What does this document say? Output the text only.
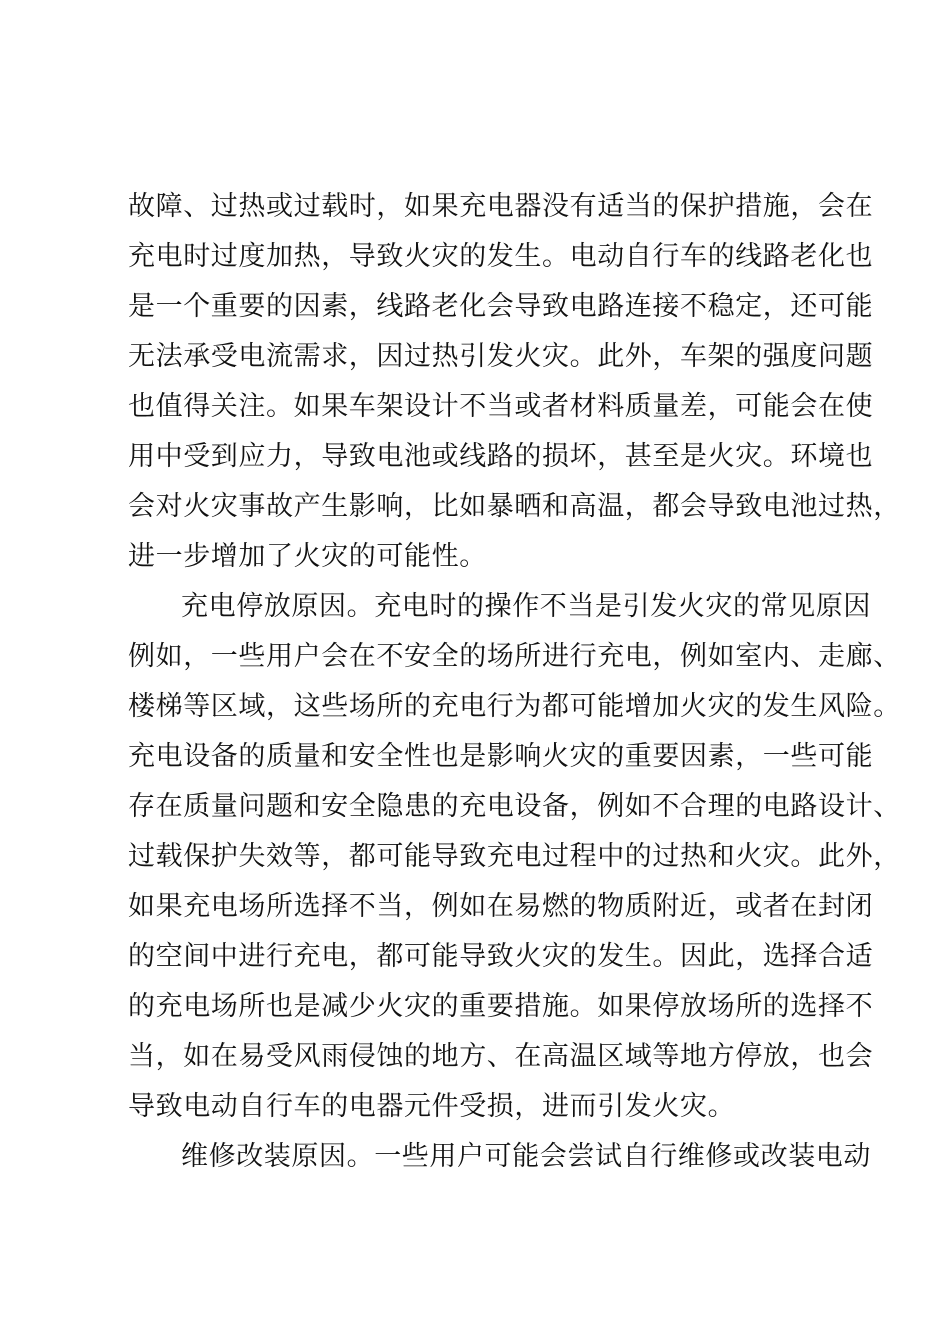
故障、过热或过载时，如果充电器没有适当的保护措施，会在
充电时过度加热，导致火灾的发生。电动自行车的线路老化也
是一个重要的因素，线路老化会导致电路连接不稳定，还可能
无法承受电流需求，因过热引发火灾。此外，车架的强度问题
也值得关注。如果车架设计不当或者材料质量差，可能会在使
用中受到应力，导致电池或线路的损坏，甚至是火灾。环境也
会对火灾事故产生影响，比如暴晒和高温，都会导致电池过热，
进一步增加了火灾的可能性。
充电停放原因。充电时的操作不当是引发火灾的常见原因
例如，一些用户会在不安全的场所进行充电，例如室内、走廊、
楼梯等区域，这些场所的充电行为都可能增加火灾的发生风险。
充电设备的质量和安全性也是影响火灾的重要因素，一些可能
存在质量问题和安全隐患的充电设备，例如不合理的电路设计、
过载保护失效等，都可能导致充电过程中的过热和火灾。此外，
如果充电场所选择不当，例如在易燃的物质附近，或者在封闭
的空间中进行充电，都可能导致火灾的发生。因此，选择合适
的充电场所也是减少火灾的重要措施。如果停放场所的选择不
当，如在易受风雨侵蚀的地方、在高温区域等地方停放，也会
导致电动自行车的电器元件受损，进而引发火灾。
维修改装原因。一些用户可能会尝试自行维修或改装电动
